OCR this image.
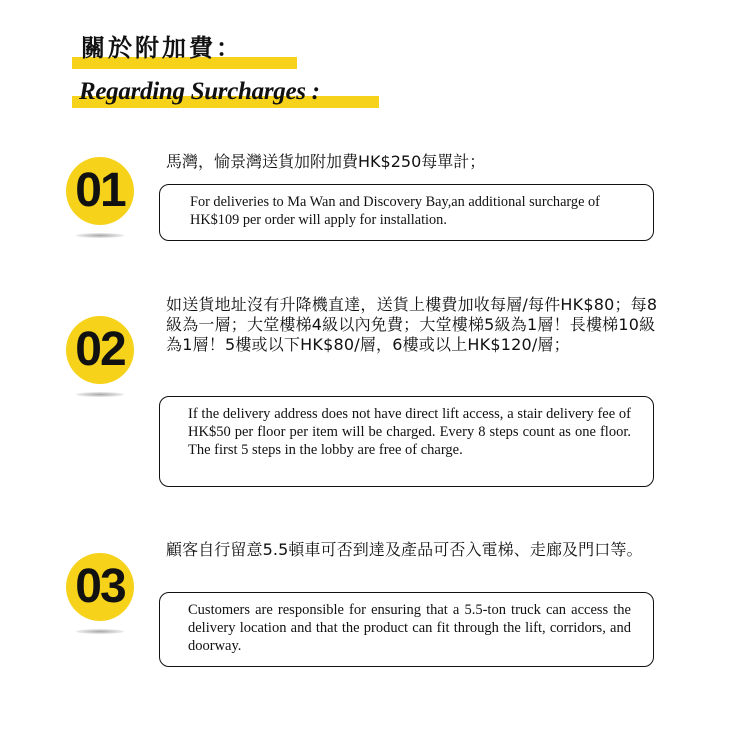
關於附加費：
Regarding Surcharges :
01
馬灣，愉景灣送貨加附加費HK$250每單計；
For deliveries to Ma Wan and Discovery Bay,an additional surcharge of HK$109 per order will apply for installation.
02
如送貨地址沒有升降機直達，送貨上樓費加收每層/每件HK$80；每8級為一層；大堂樓梯4級以內免費；大堂樓梯5級為1層！長樓梯10級為1層！5樓或以下HK$80/層，6樓或以上HK$120/層；
If the delivery address does not have direct lift access, a stair delivery fee of HK$50 per floor per item will be charged. Every 8 steps count as one floor. The first 5 steps in the lobby are free of charge.
03
顧客自行留意5.5頓車可否到達及產品可否入電梯、走廊及門口等。
Customers are responsible for ensuring that a 5.5-ton truck can access the delivery location and that the product can fit through the lift, corridors, and doorway.
